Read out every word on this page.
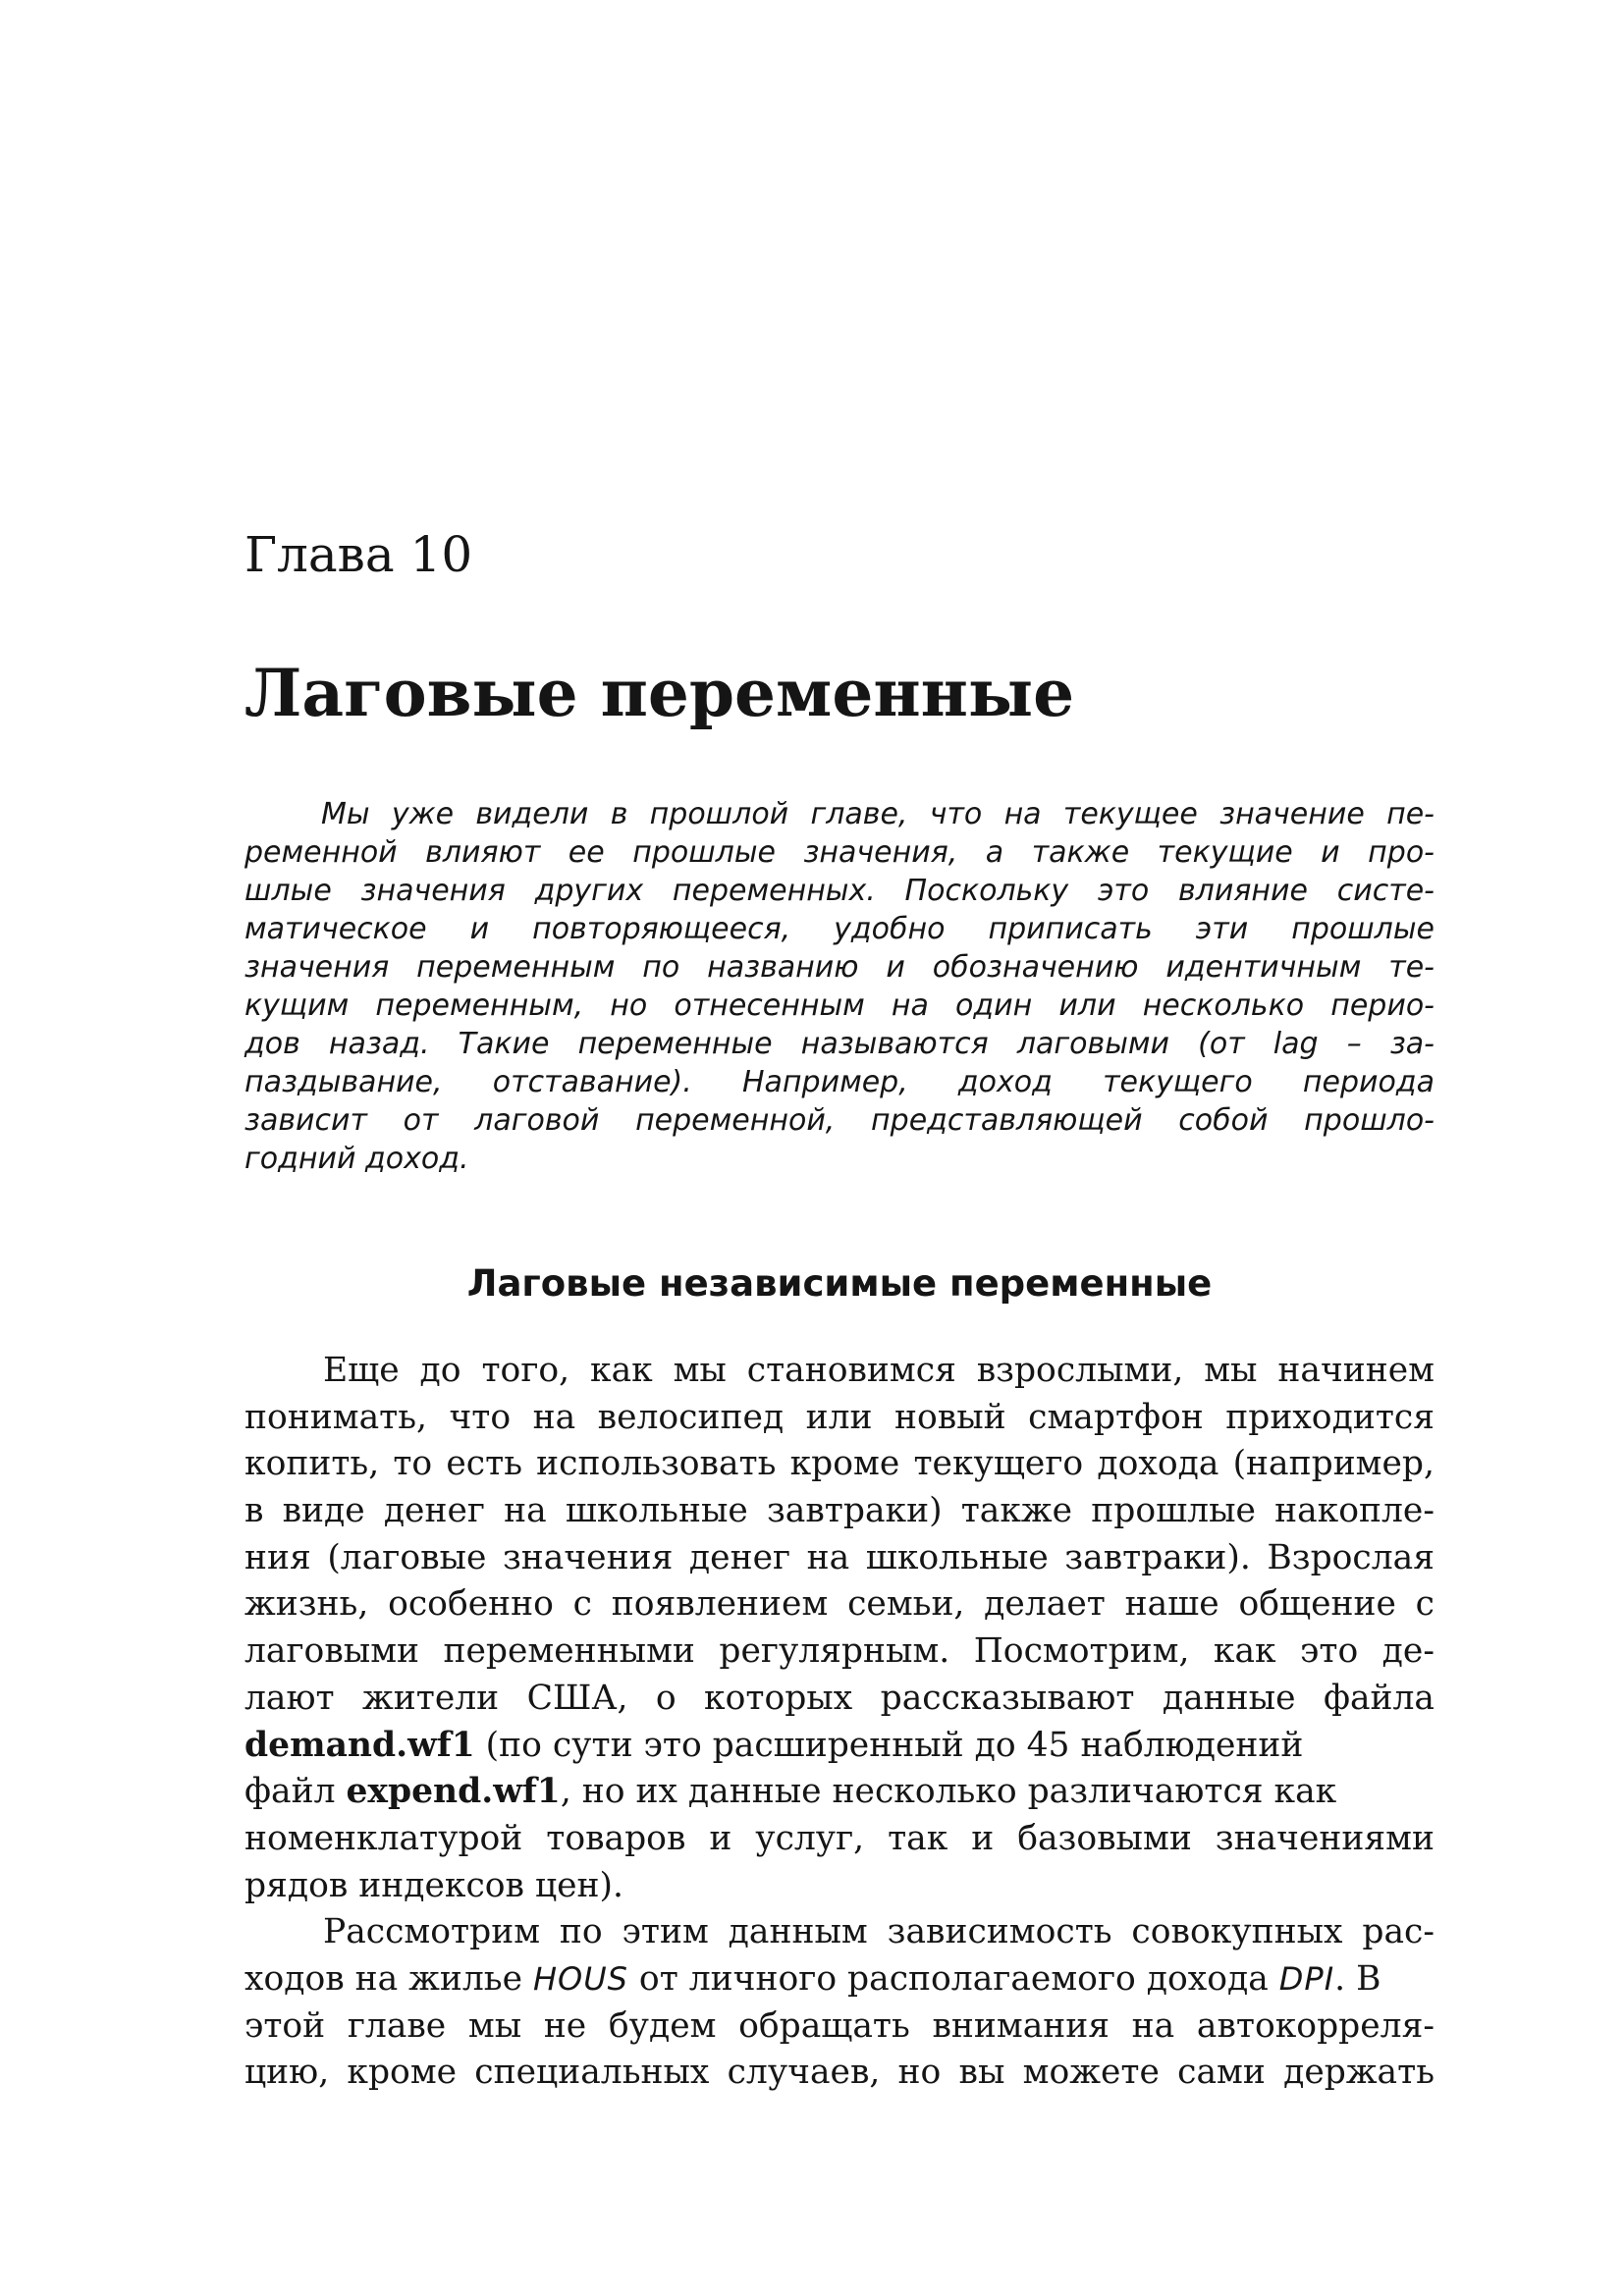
Глава 10
Лаговые переменные
Мы уже видели в прошлой главе, что на текущее значение пе-
ременной влияют ее прошлые значения, а также текущие и про-
шлые значения других переменных. Поскольку это влияние систе-
матическое и повторяющееся, удобно приписать эти прошлые
значения переменным по названию и обозначению идентичным те-
кущим переменным, но отнесенным на один или несколько перио-
дов назад. Такие переменные называются лаговыми (от lag – за-
паздывание, отставание). Например, доход текущего периода
зависит от лаговой переменной, представляющей собой прошло-
годний доход.
Лаговые независимые переменные
Еще до того, как мы становимся взрослыми, мы начинем
понимать, что на велосипед или новый смартфон приходится
копить, то есть использовать кроме текущего дохода (например,
в виде денег на школьные завтраки) также прошлые накопле-
ния (лаговые значения денег на школьные завтраки). Взрослая
жизнь, особенно с появлением семьи, делает наше общение с
лаговыми переменными регулярным. Посмотрим, как это де-
лают жители США, о которых рассказывают данные файла
demand.wf1 (по сути это расширенный до 45 наблюдений
файл expend.wf1, но их данные несколько различаются как
номенклатурой товаров и услуг, так и базовыми значениями
рядов индексов цен).
Рассмотрим по этим данным зависимость совокупных рас-
ходов на жилье HOUS от личного располагаемого дохода DPI. В
этой главе мы не будем обращать внимания на автокорреля-
цию, кроме специальных случаев, но вы можете сами держать
